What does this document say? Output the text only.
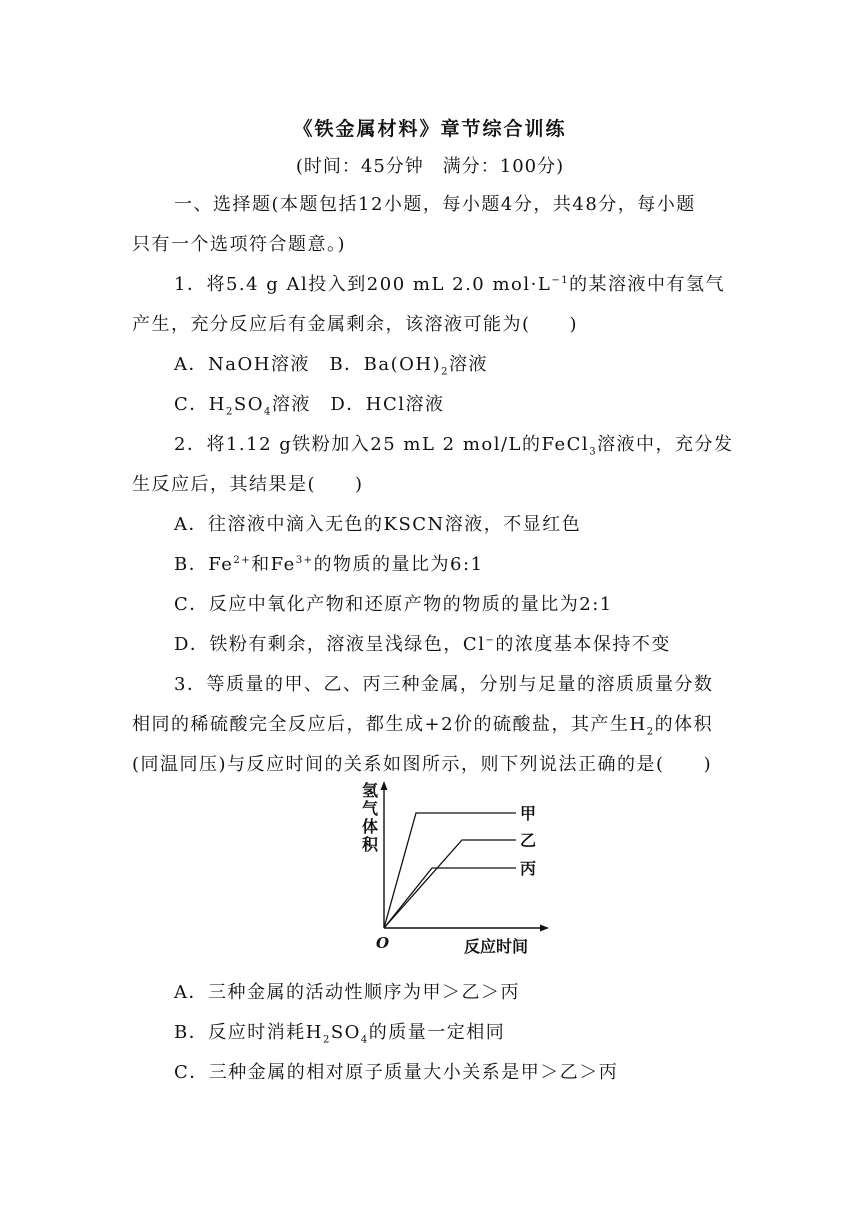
《铁金属材料》章节综合训练
(时间：45分钟　满分：100分)
一、选择题(本题包括12小题，每小题4分，共48分，每小题
只有一个选项符合题意。)
1．将5.4 g Al投入到200 mL 2.0 $mol\cdot L^{-1}$的某溶液中有氢气
产生，充分反应后有金属剩余，该溶液可能为(　　)
A．NaOH溶液　 B．$Ba(OH)_2$溶液
C．$H_2SO_4$溶液　 D．HCl溶液
2．将1.12 g铁粉加入25 mL 2 mol/L的FeCl$_3$溶液中，充分发
生反应后，其结果是(　　)
A．往溶液中滴入无色的KSCN溶液，不显红色
B．$Fe^{2+}$和$Fe^{3+}$的物质的量比为6:1
C．反应中氧化产物和还原产物的物质的量比为2:1
D．铁粉有剩余，溶液呈浅绿色，Cl−的浓度基本保持不变
3．等质量的甲、乙、丙三种金属，分别与足量的溶质质量分数
相同的稀硫酸完全反应后，都生成+2价的硫酸盐，其产生$H_2$的体积
(同温同压)与反应时间的关系如图所示，则下列说法正确的是(　　)
氢
气
体
积
甲
乙
丙
O	反应时间
A．三种金属的活动性顺序为甲＞乙＞丙
B．反应时消耗$H_2SO_4$的质量一定相同
C．三种金属的相对原子质量大小关系是甲＞乙＞丙
